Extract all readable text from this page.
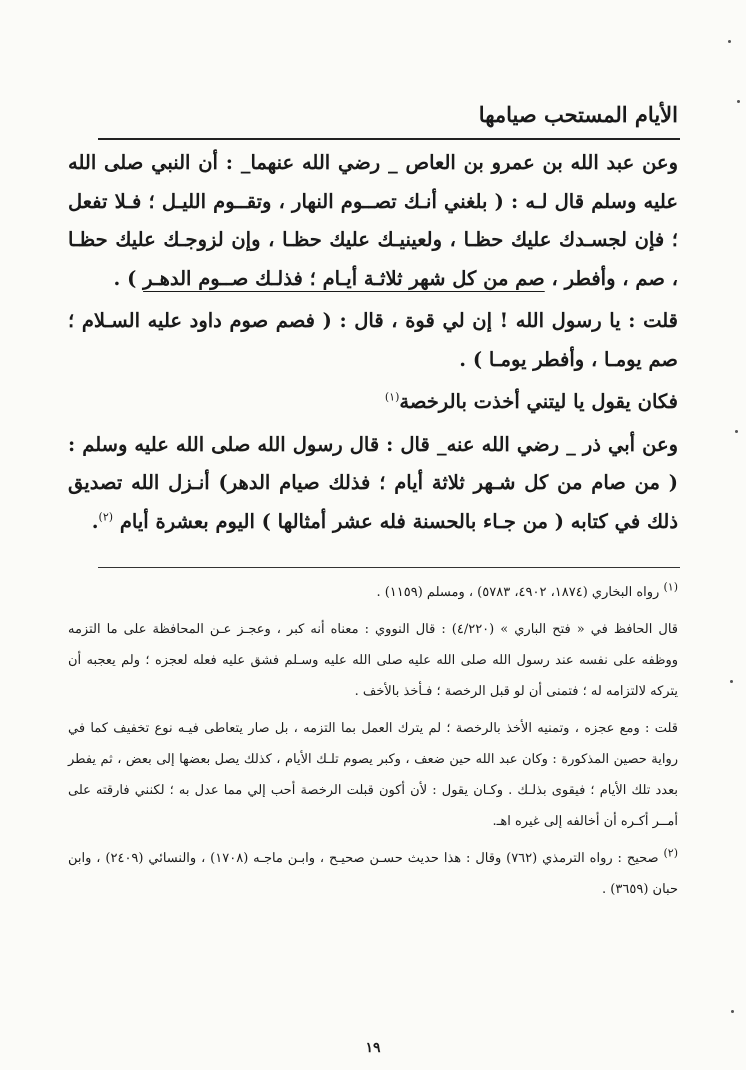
الأيام المستحب صيامها

وعن عبد الله بن عمرو بن العاص _ رضي الله عنهما_ : أن النبي صلى الله عليه وسلم قال لـه : ( بلغني أنـك تصــوم النهار ، وتقــوم الليـل ؛ فـلا تفعل ؛ فإن لجسـدك عليك حظـا ، ولعينيـك عليك حظـا ، وإن لزوجـك عليك حظـا ، صم ، وأفطر ، صم من كل شهر ثلاثـة أيـام ؛ فذلـك صــوم الدهـر ) .

قلت : يا رسول الله ! إن لي قوة ، قال : ( فصم صوم داود عليه السـلام ؛ صم يومـا ، وأفطر يومـا ) .

فكان يقول يا ليتني أخذت بالرخصة$^{(١)}$

وعن أبي ذر _ رضي الله عنه_ قال : قال رسول الله صلى الله عليه وسلم : ( من صام من كل شـهر ثلاثة أيام ؛ فذلك صيام الدهر) أنـزل الله تصديق ذلك في كتابه ( من جـاء بالحسنة فله عشر أمثالها ) اليوم بعشرة أيام $^{(٢)}$.

$^{(١)}$ رواه البخاري (١٨٧٤، ٤٩٠٢، ٥٧٨٣) ، ومسلم (١١٥٩) .

قال الحافظ في « فتح الباري » (٤/٢٢٠) : قال النووي : معناه أنه كبر ، وعجـز عـن المحافظة على ما التزمه ووظفه على نفسه عند رسول الله صلى الله عليه صلى الله عليه وسـلم فشق عليه فعله لعجزه ؛ ولم يعجبه أن يتركه لالتزامه له ؛ فتمنى أن لو قبل الرخصة ؛ فـأخذ بالأخف .

قلت : ومع عجزه ، وتمنيه الأخذ بالرخصة ؛ لم يترك العمل بما التزمه ، بل صار يتعاطى فيـه نوع تخفيف كما في رواية حصين المذكورة : وكان عبد الله حين ضعف ، وكبر يصوم تلـك الأيام ، كذلك يصل بعضها إلى بعض ، ثم يفطر بعدد تلك الأيام ؛ فيقوى بذلـك . وكـان يقول : لأن أكون قبلت الرخصة أحب إلي مما عدل به ؛ لكنني فارقته على أمــر أكـره أن أخالفه إلى غيره اهـ.

$^{(٢)}$ صحيح : رواه الترمذي (٧٦٢) وقال : هذا حديث حسـن صحيـح ، وابـن ماجـه (١٧٠٨) ، والنسائي (٢٤٠٩) ، وابن حبان (٣٦٥٩) .

١٩
